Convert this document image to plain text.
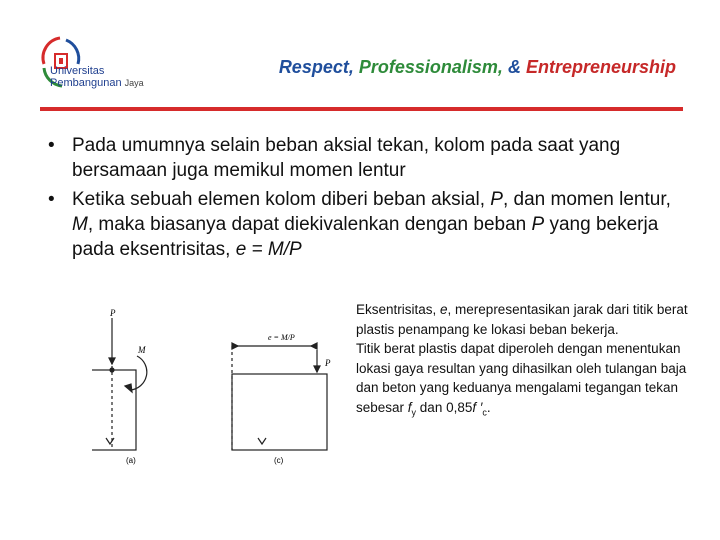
Universitas
Pembangunan Jaya
Respect, Professionalism, & Entrepreneurship
• Pada umumnya selain beban aksial tekan, kolom pada saat yang bersamaan juga memikul momen lentur
• Ketika sebuah elemen kolom diberi beban aksial, P, dan momen lentur, M, maka biasanya dapat diekivalenkan dengan beban P yang bekerja pada eksentrisitas, e = M/P
P
M
(a)	(c)
e = M/P
P

Eksentrisitas, e, merepresentasikan jarak dari titik berat plastis penampang ke lokasi beban bekerja.

Titik berat plastis dapat diperoleh dengan menentukan lokasi gaya resultan yang dihasilkan oleh tulangan baja dan beton yang keduanya mengalami tegangan tekan sebesar $f_y$ dan 0,85f $'_c$.
